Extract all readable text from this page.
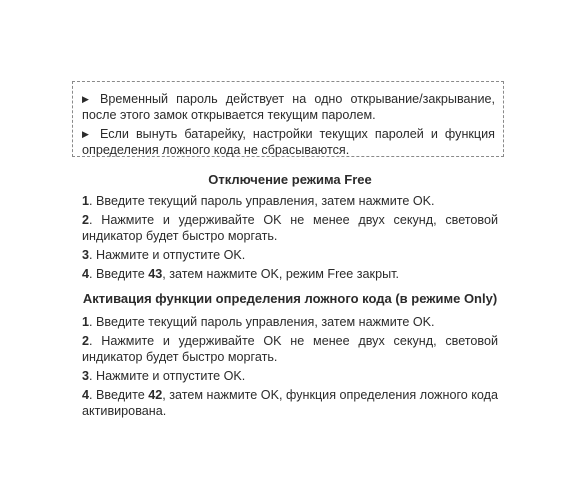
▶ Временный пароль действует на одно открывание/закрывание, после этого замок открывается текущим паролем.

▶ Если вынуть батарейку, настройки текущих паролей и функция определения ложного кода не сбрасываются.

Отключение режима Free

1. Введите текущий пароль управления, затем нажмите OK.

2. Нажмите и удерживайте OK не менее двух секунд, световой индикатор будет быстро моргать.

3. Нажмите и отпустите OK.

4. Введите 43, затем нажмите OK, режим Free закрыт.

Активация функции определения ложного кода (в режиме Only)

1. Введите текущий пароль управления, затем нажмите OK.

2. Нажмите и удерживайте OK не менее двух секунд, световой индикатор будет быстро моргать.

3. Нажмите и отпустите OK.

4. Введите 42, затем нажмите OK, функция определения ложного кода активирована.
